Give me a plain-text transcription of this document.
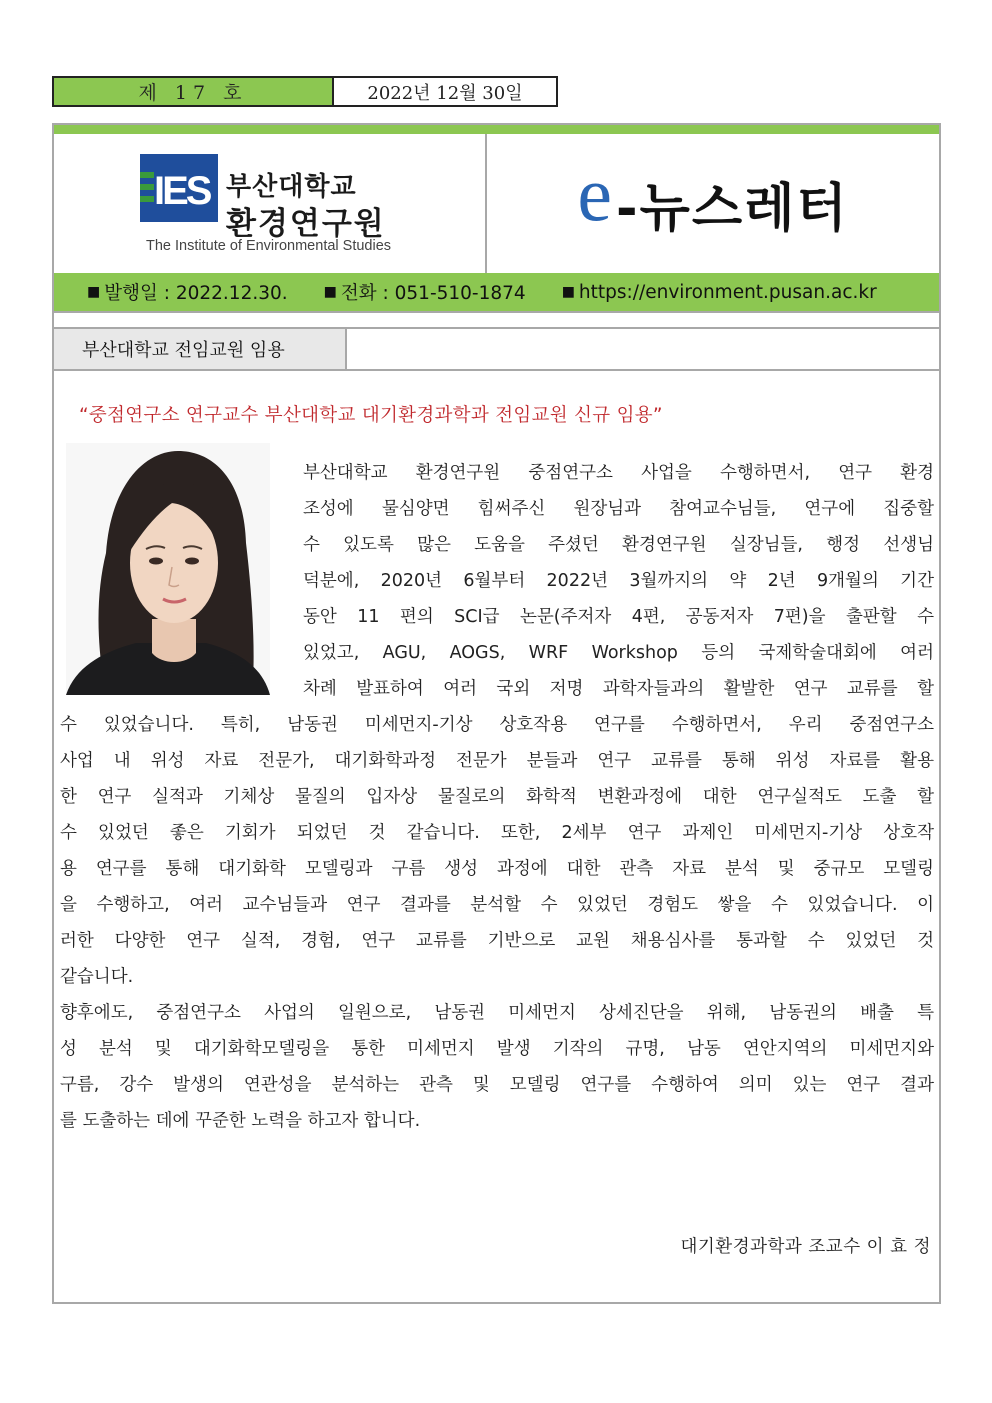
제 17 호	2022년 12월 30일
IES 부산대학교
환경연구원
The Institute of Environmental Studies
e -뉴스레터
■ 발행일 : 2022.12.30.	■ 전화 : 051-510-1874	■ https://environment.pusan.ac.kr
부산대학교 전임교원 임용
“중점연구소 연구교수 부산대학교 대기환경과학과 전임교원 신규 임용”

부산대학교 환경연구원 중점연구소 사업을 수행하면서, 연구 환경

조성에 물심양면 힘써주신 원장님과 참여교수님들, 연구에 집중할

수 있도록 많은 도움을 주셨던 환경연구원 실장님들, 행정 선생님

덕분에, 2020년 6월부터 2022년 3월까지의 약 2년 9개월의 기간

동안 11 편의 SCI급 논문(주저자 4편, 공동저자 7편)을 출판할 수

있었고, AGU, AOGS, WRF Workshop 등의 국제학술대회에 여러

차례 발표하여 여러 국외 저명 과학자들과의 활발한 연구 교류를 할

수 있었습니다. 특히, 남동권 미세먼지-기상 상호작용 연구를 수행하면서, 우리 중점연구소

사업 내 위성 자료 전문가, 대기화학과정 전문가 분들과 연구 교류를 통해 위성 자료를 활용

한 연구 실적과 기체상 물질의 입자상 물질로의 화학적 변환과정에 대한 연구실적도 도출 할

수 있었던 좋은 기회가 되었던 것 같습니다. 또한, 2세부 연구 과제인 미세먼지-기상 상호작

용 연구를 통해 대기화학 모델링과 구름 생성 과정에 대한 관측 자료 분석 및 중규모 모델링

을 수행하고, 여러 교수님들과 연구 결과를 분석할 수 있었던 경험도 쌓을 수 있었습니다. 이

러한 다양한 연구 실적, 경험, 연구 교류를 기반으로 교원 채용심사를 통과할 수 있었던 것

같습니다.

향후에도, 중점연구소 사업의 일원으로, 남동권 미세먼지 상세진단을 위해, 남동권의 배출 특

성 분석 및 대기화학모델링을 통한 미세먼지 발생 기작의 규명, 남동 연안지역의 미세먼지와

구름, 강수 발생의 연관성을 분석하는 관측 및 모델링 연구를 수행하여 의미 있는 연구 결과

를 도출하는 데에 꾸준한 노력을 하고자 합니다.

대기환경과학과 조교수 이 효 정
